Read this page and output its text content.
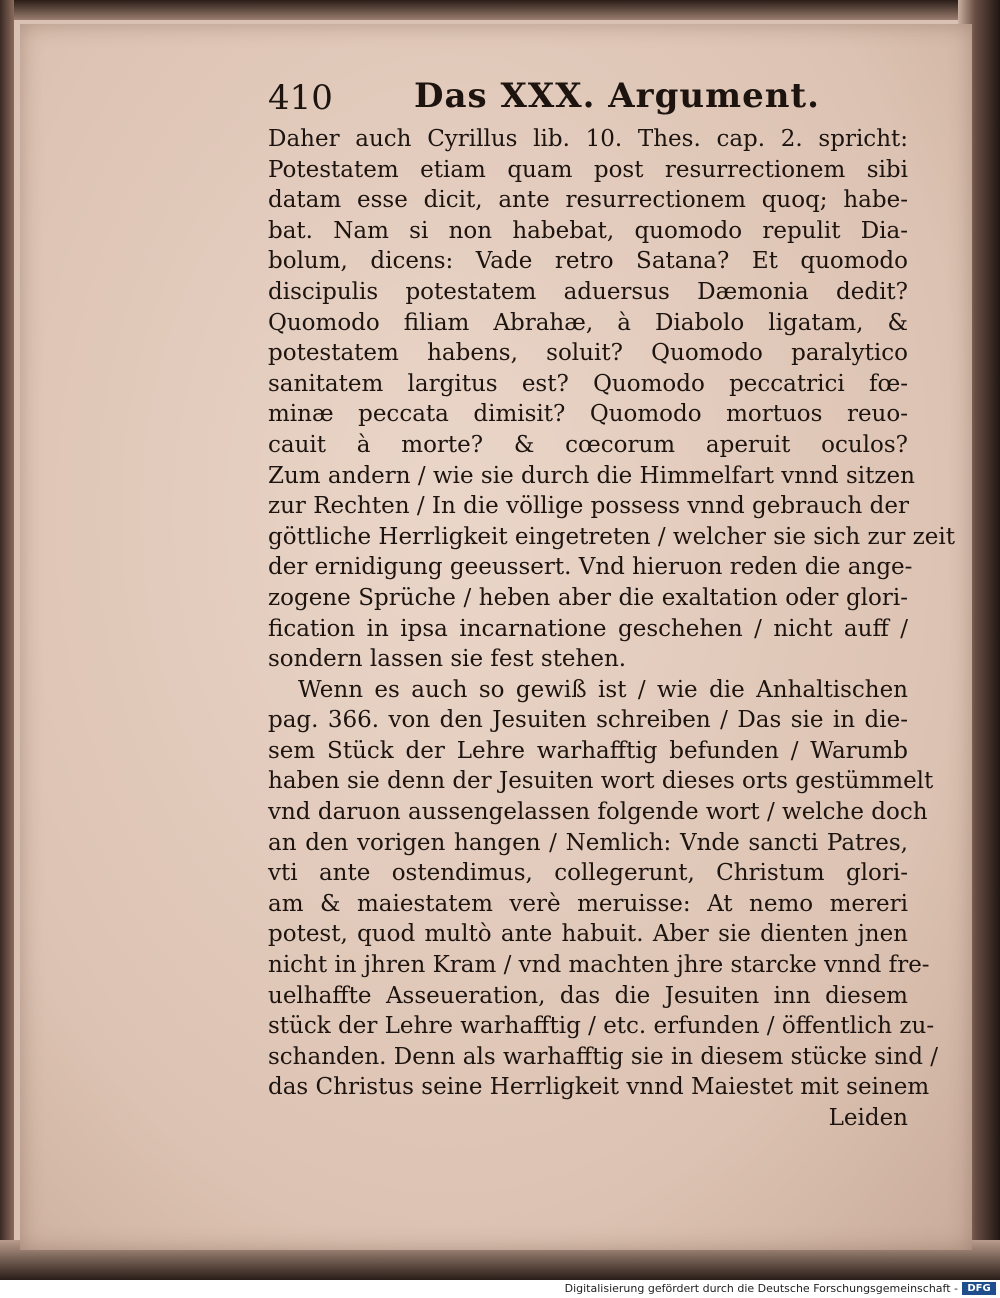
410 Das XXX. Argument.
Daher auch Cyrillus lib. 10. Thes. cap. 2. spricht:
Potestatem etiam quam post resurrectionem sibi
datam esse dicit, ante resurrectionem quoq; habe-
bat. Nam si non habebat, quomodo repulit Dia-
bolum, dicens: Vade retro Satana? Et quomodo
discipulis potestatem aduersus Dæmonia dedit?
Quomodo filiam Abrahæ, à Diabolo ligatam, &
potestatem habens, soluit? Quomodo paralytico
sanitatem largitus est? Quomodo peccatrici fœ-
minæ peccata dimisit? Quomodo mortuos reuo-
cauit à morte? & cœcorum aperuit oculos?
Zum andern / wie sie durch die Himmelfart vnnd sitzen
zur Rechten / In die völlige possess vnnd gebrauch der
göttliche Herrligkeit eingetreten / welcher sie sich zur zeit
der ernidigung geeussert. Vnd hieruon reden die ange-
zogene Sprüche / heben aber die exaltation oder glori-
fication in ipsa incarnatione geschehen / nicht auff /
sondern lassen sie fest stehen.
Wenn es auch so gewiß ist / wie die Anhaltischen
pag. 366. von den Jesuiten schreiben / Das sie in die-
sem Stück der Lehre warhafftig befunden / Warumb
haben sie denn der Jesuiten wort dieses orts gestümmelt
vnd daruon aussengelassen folgende wort / welche doch
an den vorigen hangen / Nemlich: Vnde sancti Patres,
vti ante ostendimus, collegerunt, Christum glori-
am & maiestatem verè meruisse: At nemo mereri
potest, quod multò ante habuit. Aber sie dienten jnen
nicht in jhren Kram / vnd machten jhre starcke vnnd fre-
uelhaffte Asseueration, das die Jesuiten inn diesem
stück der Lehre warhafftig / etc. erfunden / öffentlich zu-
schanden. Denn als warhafftig sie in diesem stücke sind /
das Christus seine Herrligkeit vnnd Maiestet mit seinem
Leiden
Digitalisierung gefördert durch die Deutsche Forschungsgemeinschaft - DFG
